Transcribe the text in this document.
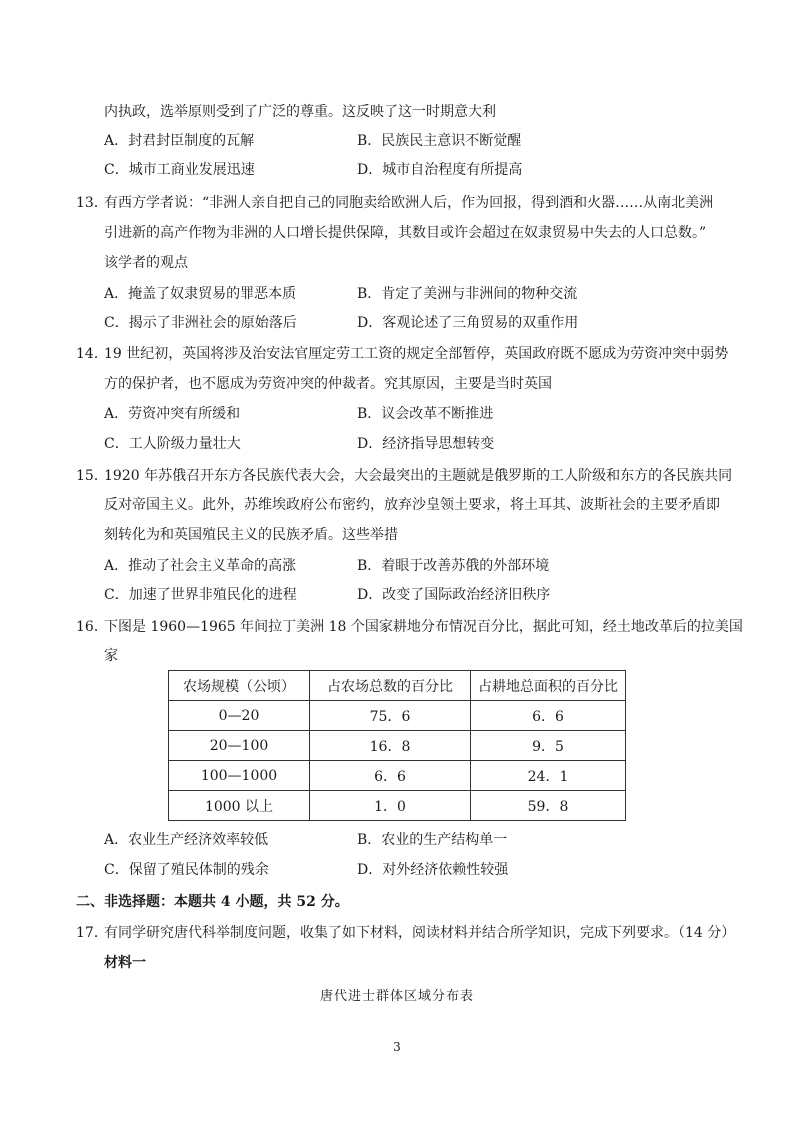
内执政，选举原则受到了广泛的尊重。这反映了这一时期意大利
A．封君封臣制度的瓦解	B．民族民主意识不断觉醒
C．城市工商业发展迅速	D．城市自治程度有所提高
13．
有西方学者说：“非洲人亲自把自己的同胞卖给欧洲人后，作为回报，得到酒和火器……从南北美洲
引进新的高产作物为非洲的人口增长提供保障，其数目或许会超过在奴隶贸易中失去的人口总数。”
该学者的观点
A．掩盖了奴隶贸易的罪恶本质	B．肯定了美洲与非洲间的物种交流
C．揭示了非洲社会的原始落后	D．客观论述了三角贸易的双重作用
14．
19 世纪初，英国将涉及治安法官厘定劳工工资的规定全部暂停，英国政府既不愿成为劳资冲突中弱势
方的保护者，也不愿成为劳资冲突的仲裁者。究其原因，主要是当时英国
A．劳资冲突有所缓和	B．议会改革不断推进
C．工人阶级力量壮大	D．经济指导思想转变
15．
1920 年苏俄召开东方各民族代表大会，大会最突出的主题就是俄罗斯的工人阶级和东方的各民族共同
反对帝国主义。此外，苏维埃政府公布密约，放弃沙皇领土要求，将土耳其、波斯社会的主要矛盾即
刻转化为和英国殖民主义的民族矛盾。这些举措
A．推动了社会主义革命的高涨	B．着眼于改善苏俄的外部环境
C．加速了世界非殖民化的进程	D．改变了国际政治经济旧秩序
16．
下图是 1960—1965 年间拉丁美洲 18 个国家耕地分布情况百分比，据此可知，经土地改革后的拉美国
家
农场规模（公顷）	占农场总数的百分比	占耕地总面积的百分比
0—20	75．6	6．6
20—100	16．8	9．5
100—1000	6．6	24．1
1000 以上	1．0	59．8
A．农业生产经济效率较低	B．农业的生产结构单一
C．保留了殖民体制的残余	D．对外经济依赖性较强
二、非选择题：本题共 4 小题，共 52 分。
17．
有同学研究唐代科举制度问题，收集了如下材料，阅读材料并结合所学知识，完成下列要求。（14 分）
材料一
唐代进士群体区域分布表
3
